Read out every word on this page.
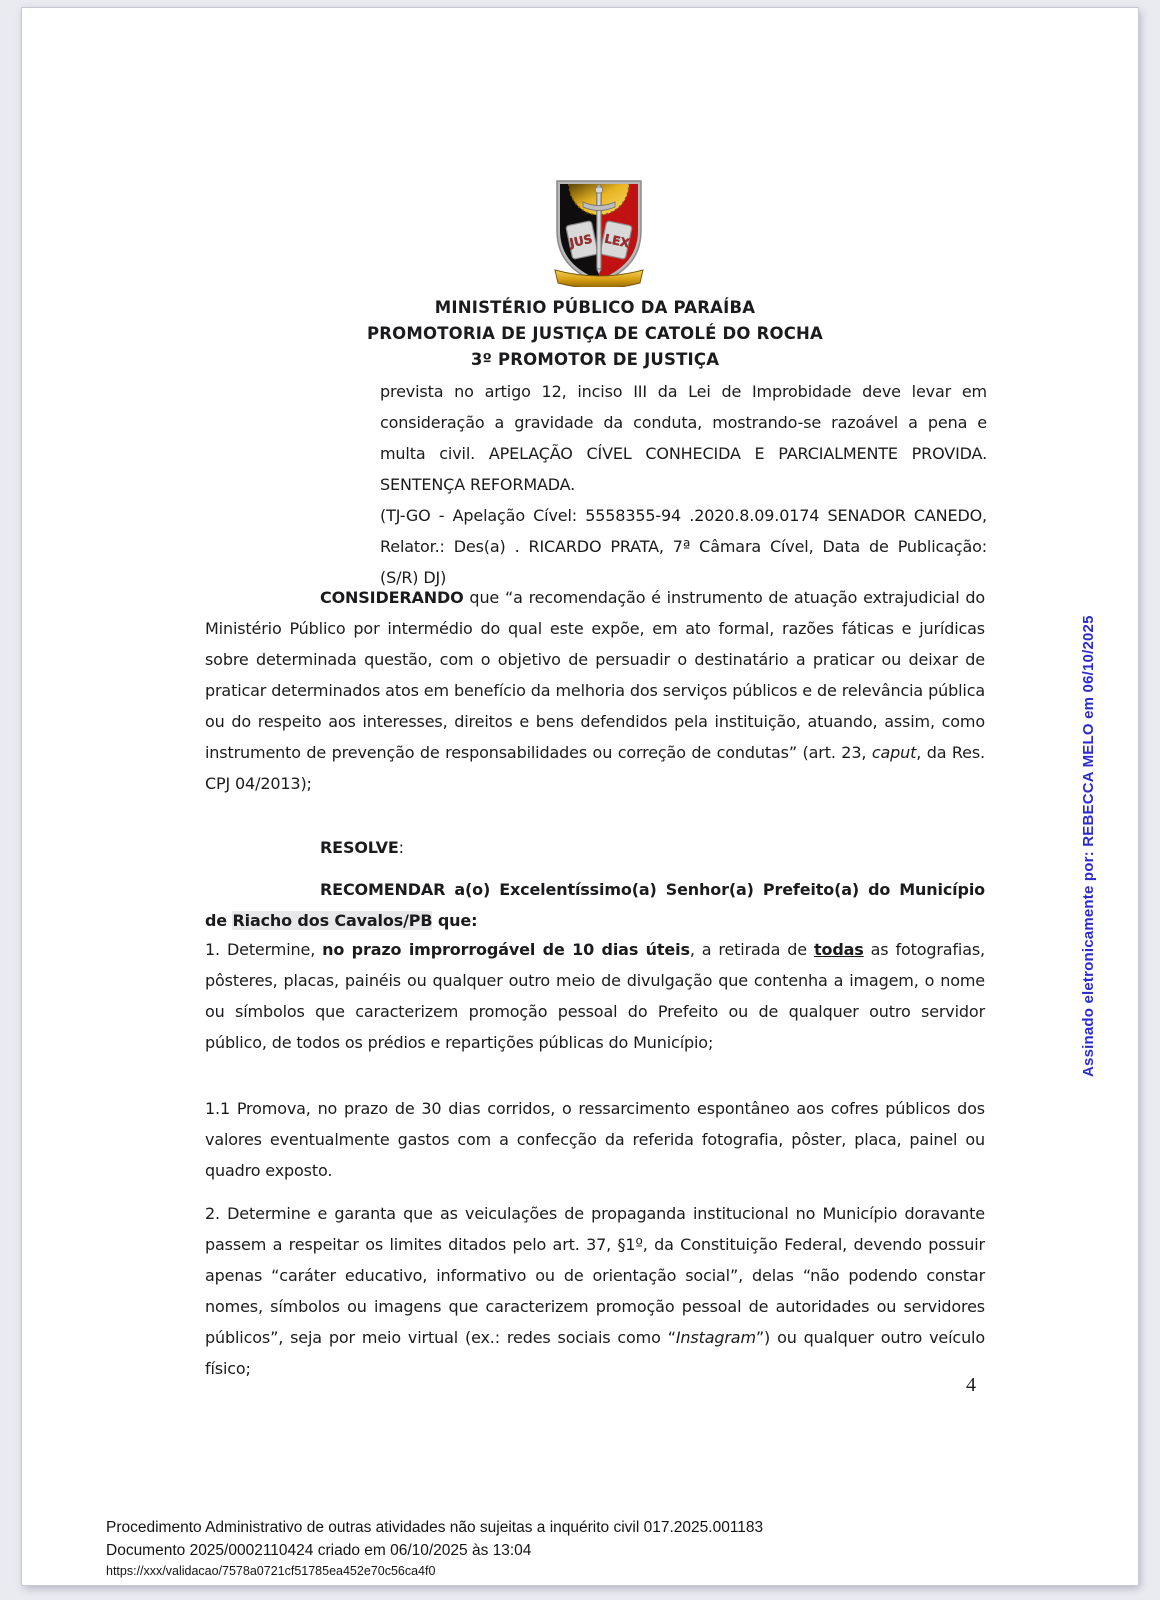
JUS LEX
MINISTÉRIO PÚBLICO DA PARAÍBA
PROMOTORIA DE JUSTIÇA DE CATOLÉ DO ROCHA
3º PROMOTOR DE JUSTIÇA
prevista no artigo 12, inciso III da Lei de Improbidade deve levar em consideração a gravidade da conduta, mostrando-se razoável a pena e multa civil. APELAÇÃO CÍVEL CONHECIDA E PARCIALMENTE PROVIDA. SENTENÇA REFORMADA.
(TJ-GO - Apelação Cível: 5558355-94 .2020.8.09.0174 SENADOR CANEDO, Relator.: Des(a) . RICARDO PRATA, 7ª Câmara Cível, Data de Publicação: (S/R) DJ)

CONSIDERANDO que “a recomendação é instrumento de atuação extrajudicial do Ministério Público por intermédio do qual este expõe, em ato formal, razões fáticas e jurídicas sobre determinada questão, com o objetivo de persuadir o destinatário a praticar ou deixar de praticar determinados atos em benefício da melhoria dos serviços públicos e de relevância pública ou do respeito aos interesses, direitos e bens defendidos pela instituição, atuando, assim, como instrumento de prevenção de responsabilidades ou correção de condutas” (art. 23, caput, da Res. CPJ 04/2013);

RESOLVE:

RECOMENDAR a(o) Excelentíssimo(a) Senhor(a) Prefeito(a) do Município de Riacho dos Cavalos/PB que:

1. Determine, no prazo improrrogável de 10 dias úteis, a retirada de todas as fotografias, pôsteres, placas, painéis ou qualquer outro meio de divulgação que contenha a imagem, o nome ou símbolos que caracterizem promoção pessoal do Prefeito ou de qualquer outro servidor público, de todos os prédios e repartições públicas do Município;

1.1 Promova, no prazo de 30 dias corridos, o ressarcimento espontâneo aos cofres públicos dos valores eventualmente gastos com a confecção da referida fotografia, pôster, placa, painel ou quadro exposto.

2. Determine e garanta que as veiculações de propaganda institucional no Município doravante passem a respeitar os limites ditados pelo art. 37, §1º, da Constituição Federal, devendo possuir apenas “caráter educativo, informativo ou de orientação social”, delas “não podendo constar nomes, símbolos ou imagens que caracterizem promoção pessoal de autoridades ou servidores públicos”, seja por meio virtual (ex.: redes sociais como “Instagram”) ou qualquer outro veículo físico;

4
Assinado eletronicamente por: REBECCA MELO em 06/10/2025
Procedimento Administrativo de outras atividades não sujeitas a inquérito civil 017.2025.001183
Documento 2025/0002110424 criado em 06/10/2025 às 13:04
https://xxx/validacao/7578a0721cf51785ea452e70c56ca4f0
